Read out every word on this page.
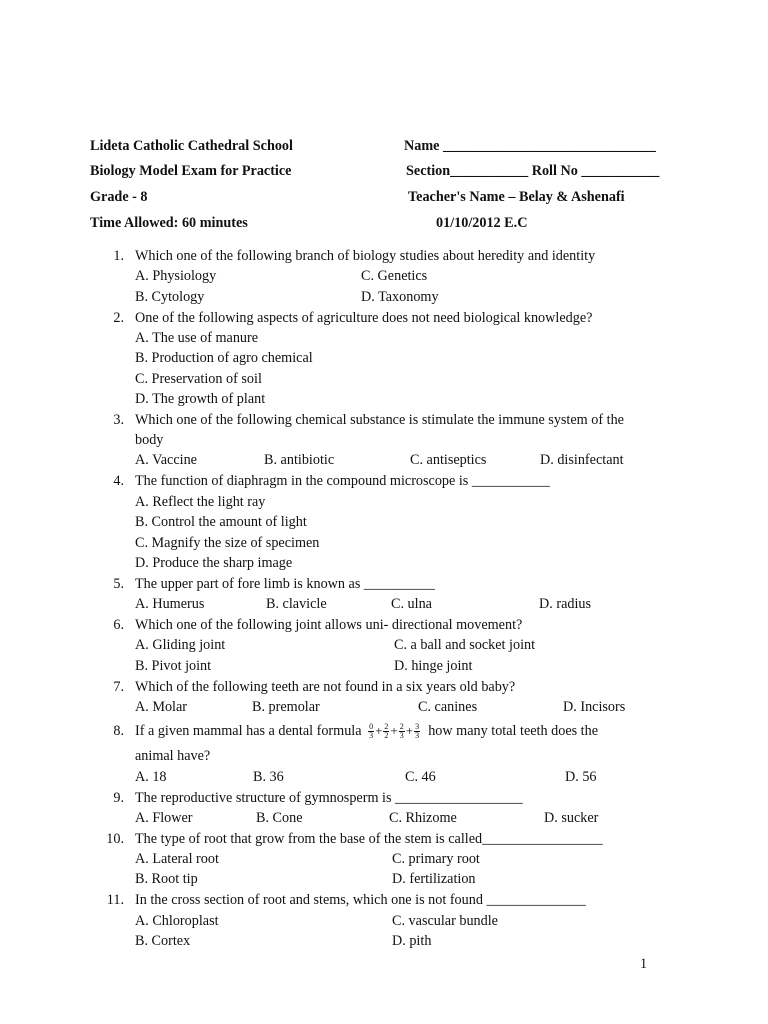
Lideta Catholic Cathedral School	Name ______________________________
Biology Model Exam for Practice	Section___________ Roll No ___________
Grade - 8	Teacher's Name – Belay & Ashenafi
Time Allowed: 60 minutes	01/10/2012 E.C
1. Which one of the following branch of biology studies about heredity and identity
A. Physiology	C. Genetics
B. Cytology	D. Taxonomy
2. One of the following aspects of agriculture does not need biological knowledge?
A. The use of manure
B. Production of agro chemical
C. Preservation of soil
D. The growth of plant
3. Which one of the following chemical substance is stimulate the immune system of the
body
A. Vaccine	B. antibiotic	C. antiseptics	D. disinfectant
4. The function of diaphragm in the compound microscope is ___________
A. Reflect the light ray
B. Control the amount of light
C. Magnify the size of specimen
D. Produce the sharp image
5. The upper part of fore limb is known as __________
A. Humerus	B. clavicle	C. ulna	D. radius
6. Which one of the following joint allows uni- directional movement?
A. Gliding joint	C. a ball and socket joint
B. Pivot joint	D. hinge joint
7. Which of the following teeth are not found in a six years old baby?
A. Molar	B. premolar	C. canines	D. Incisors
8. If a given mammal has a dental formula $\frac{0}{3} + \frac{2}{2} + \frac{2}{3} + \frac{3}{3}$ how many total teeth does the
animal have?
A. 18	B. 36	C. 46	D. 56
9. The reproductive structure of gymnosperm is __________________
A. Flower	B. Cone	C. Rhizome	D. sucker
10. The type of root that grow from the base of the stem is called_________________
A. Lateral root	C. primary root
B. Root tip	D. fertilization
11. In the cross section of root and stems, which one is not found ______________
A. Chloroplast	C. vascular bundle
B. Cortex	D. pith
1
